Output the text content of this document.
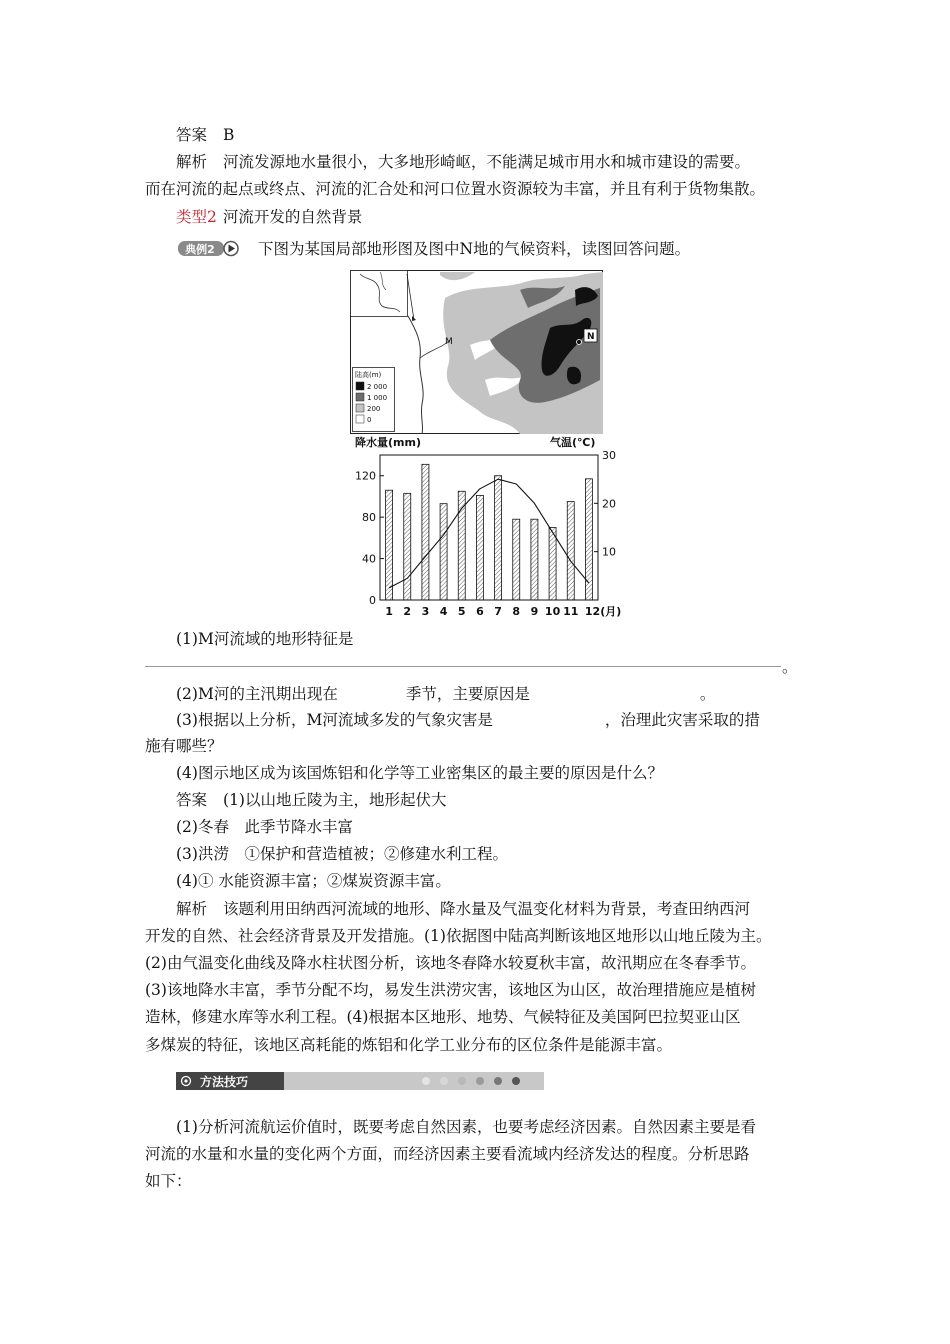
答案 B
解析 河流发源地水量很小，大多地形崎岖，不能满足城市用水和城市建设的需要。
而在河流的起点或终点、河流的汇合处和河口位置水资源较为丰富，并且有利于货物集散。
类型2 河流开发的自然背景
典例2	下图为某国局部地形图及图中N地的气候资料，读图回答问题。
M	N
陆高(m)
2 000
1 000
200
0
降水量(mm)	气温(℃)
0
40
80
120
10
20
30
1 2 3 4 5 6 7 8 9 10 11 12(月)
(1)M河流域的地形特征是
。
(2)M河的主汛期出现在	季节，主要原因是	。
(3)根据以上分析，M河流域多发的气象灾害是	，治理此灾害采取的措
施有哪些？
(4)图示地区成为该国炼铝和化学等工业密集区的最主要的原因是什么？
答案 (1)以山地丘陵为主，地形起伏大
(2)冬春　此季节降水丰富
(3)洪涝　①保护和营造植被；②修建水利工程。
(4)① 水能资源丰富；②煤炭资源丰富。
解析 该题利用田纳西河流域的地形、降水量及气温变化材料为背景，考查田纳西河
开发的自然、社会经济背景及开发措施。(1)依据图中陆高判断该地区地形以山地丘陵为主。
(2)由气温变化曲线及降水柱状图分析，该地冬春降水较夏秋丰富，故汛期应在冬春季节。
(3)该地降水丰富，季节分配不均，易发生洪涝灾害，该地区为山区，故治理措施应是植树
造林，修建水库等水利工程。(4)根据本区地形、地势、气候特征及美国阿巴拉契亚山区
多煤炭的特征，该地区高耗能的炼铝和化学工业分布的区位条件是能源丰富。
方法技巧
(1)分析河流航运价值时，既要考虑自然因素，也要考虑经济因素。自然因素主要是看
河流的水量和水量的变化两个方面，而经济因素主要看流域内经济发达的程度。分析思路
如下：
